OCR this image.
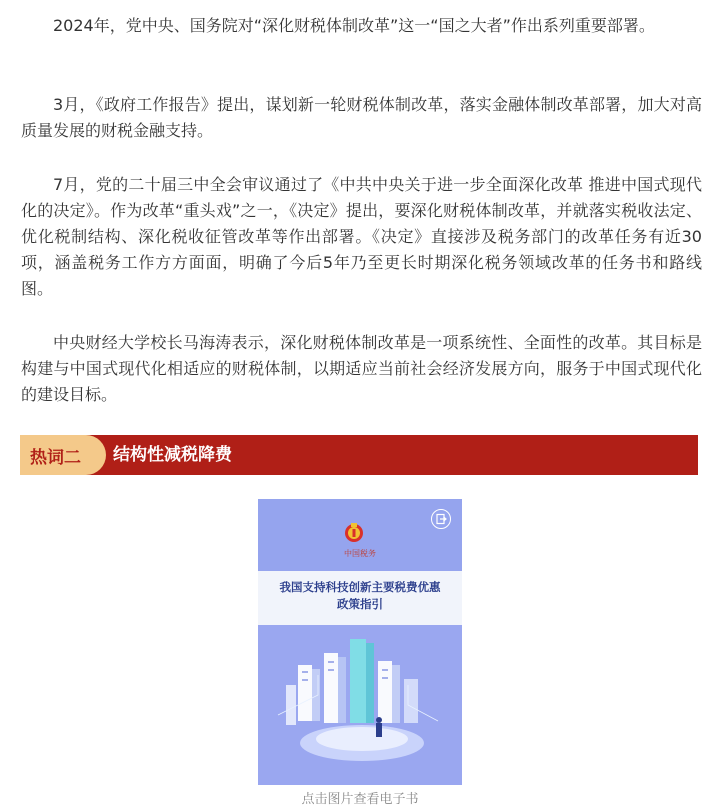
2024年，党中央、国务院对“深化财税体制改革”这一“国之大者”作出系列重要部署。

3月，《政府工作报告》提出，谋划新一轮财税体制改革，落实金融体制改革部署，加大对高质量发展的财税金融支持。

7月，党的二十届三中全会审议通过了《中共中央关于进一步全面深化改革 推进中国式现代化的决定》。作为改革“重头戏”之一，《决定》提出，要深化财税体制改革，并就落实税收法定、优化税制结构、深化税收征管改革等作出部署。《决定》直接涉及税务部门的改革任务有近30项，涵盖税务工作方方面面，明确了今后5年乃至更长时期深化税务领域改革的任务书和路线图。

中央财经大学校长马海涛表示，深化财税体制改革是一项系统性、全面性的改革。其目标是构建与中国式现代化相适应的财税体制，以期适应当前社会经济发展方向，服务于中国式现代化的建设目标。

热词二	结构性减税降费
中国税务
我国支持科技创新主要税费优惠
政策指引
点击图片查看电子书
